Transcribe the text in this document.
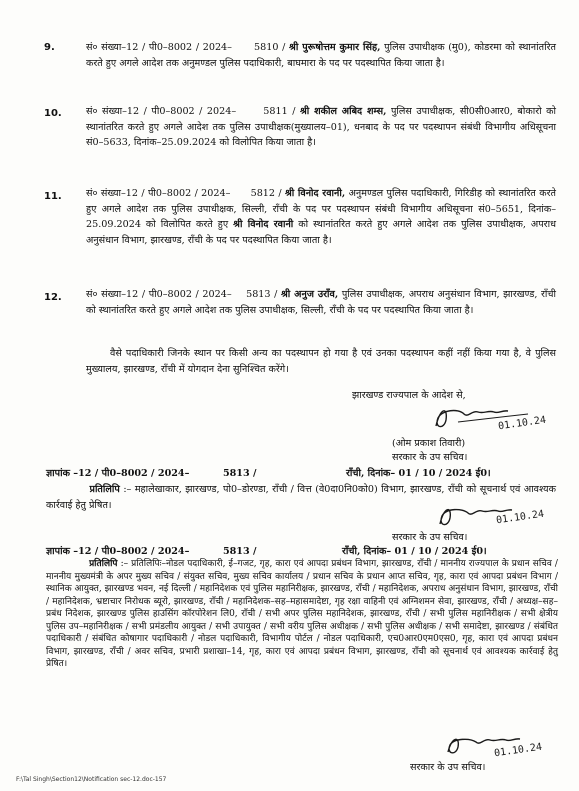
9.	सं० संख्या–12 / पी0–8002 / 2024– 5810 / श्री पुरूषोत्तम कुमार सिंह, पुलिस उपाधीक्षक (मु0), कोडरमा को स्थानांतरित करते हुए अगले आदेश तक अनुमण्डल पुलिस पदाधिकारी, बाघमारा के पद पर पदस्थापित किया जाता है।
10.	सं० संख्या–12 / पी0–8002 / 2024–	5811 / श्री शकील अबिद शम्स, पुलिस उपाधीक्षक, सी0सी0आर0, बोकारो को स्थानांतरित करते हुए अगले आदेश तक पुलिस उपाधीक्षक(मुख्यालय–01), धनबाद के पद पर पदस्थापन संबंधी विभागीय अधिसूचना सं0–5633, दिनांक–25.09.2024 को विलोपित किया जाता है।
11.	सं० संख्या–12 / पी0–8002 / 2024– 5812 / श्री विनोद रवानी, अनुमण्डल पुलिस पदाधिकारी, गिरिडीह को स्थानांतरित करते हुए अगले आदेश तक पुलिस उपाधीक्षक, सिल्ली, राँची के पद पर पदस्थापन संबंधी विभागीय अधिसूचना सं0–5651, दिनांक–25.09.2024 को विलोपित करते हुए श्री विनोद रवानी को स्थानांतरित करते हुए अगले आदेश तक पुलिस उपाधीक्षक, अपराध अनुसंधान विभाग, झारखण्ड, राँची के पद पर पदस्थापित किया जाता है।
12.	सं० संख्या–12 / पी0–8002 / 2024– 5813 / श्री अनुज उराँव, पुलिस उपाधीक्षक, अपराध अनुसंधान विभाग, झारखण्ड, राँची को स्थानांतरित करते हुए अगले आदेश तक पुलिस उपाधीक्षक, सिल्ली, राँची के पद पर पदस्थापित किया जाता है।
वैसे पदाधिकारी जिनके स्थान पर किसी अन्य का पदस्थापन हो गया है एवं उनका पदस्थापन कहीं नहीं किया गया है, वे पुलिस मुख्यालय, झारखण्ड, राँची में योगदान देना सुनिश्चित करेंगे।
झारखण्ड राज्यपाल के आदेश से,
01.10.24
(ओम प्रकाश तिवारी)
सरकार के उप सचिव।
ज्ञापांक –12 / पी0–8002 / 2024–	5813 /	राँची, दिनांक– 01 / 10 / 2024 ई0।
प्रतिलिपि :– महालेखाकार, झारखण्ड, पो0–डोरण्डा, राँची / वित्त (वे0दा0नि0को0) विभाग, झारखण्ड, राँची को सूचनार्थ एवं आवश्यक कार्रवाई हेतु प्रेषित।
01.10.24
सरकार के उप सचिव।
ज्ञापांक –12 / पी0–8002 / 2024–	5813 /	राँची, दिनांक– 01 / 10 / 2024 ई0।
प्रतिलिपि :– प्रतिलिपिः–नोडल पदाधिकारी, ई–गजट, गृह, कारा एवं आपदा प्रबंधन विभाग, झारखण्ड, राँची / माननीय राज्यपाल के प्रधान सचिव / माननीय मुख्यमंत्री के अपर मुख्य सचिव / संयुक्त सचिव, मुख्य सचिव कार्यालय / प्रधान सचिव के प्रधान आप्त सचिव, गृह, कारा एवं आपदा प्रबंधन विभाग / स्थानिक आयुक्त, झारखण्ड भवन, नई दिल्ली / महानिदेशक एवं पुलिस महानिरीक्षक, झारखण्ड, राँची / महानिदेशक, अपराध अनुसंधान विभाग, झारखण्ड, राँची / महानिदेशक, भ्रष्टाचार निरोधक ब्यूरो, झारखण्ड, राँची / महानिदेशक–सह–महासमादेष्टा, गृह रक्षा वाहिनी एवं अग्निशमन सेवा, झारखण्ड, राँची / अध्यक्ष–सह–प्रबंध निदेशक, झारखण्ड पुलिस हाउसिंग कॉरपोरेशन लि0, राँची / सभी अपर पुलिस महानिदेशक, झारखण्ड, राँची / सभी पुलिस महानिरीक्षक / सभी क्षेत्रीय पुलिस उप–महानिरीक्षक / सभी प्रमंडलीय आयुक्त / सभी उपायुक्त / सभी वरीय पुलिस अधीक्षक / सभी पुलिस अधीक्षक / सभी समादेष्टा, झारखण्ड / संबंधित पदाधिकारी / संबंधित कोषागार पदाधिकारी / नोडल पदाधिकारी, विभागीय पोर्टल / नोडल पदाधिकारी, एच0आर0एम0एस0, गृह, कारा एवं आपदा प्रबंधन विभाग, झारखण्ड, राँची / अवर सचिव, प्रभारी प्रशाखा–14, गृह, कारा एवं आपदा प्रबंधन विभाग, झारखण्ड, राँची को सूचनार्थ एवं आवश्यक कार्रवाई हेतु प्रेषित।
01.10.24
सरकार के उप सचिव।
F:\Tal Singh\Section12\Notification sec-12.doc-157
